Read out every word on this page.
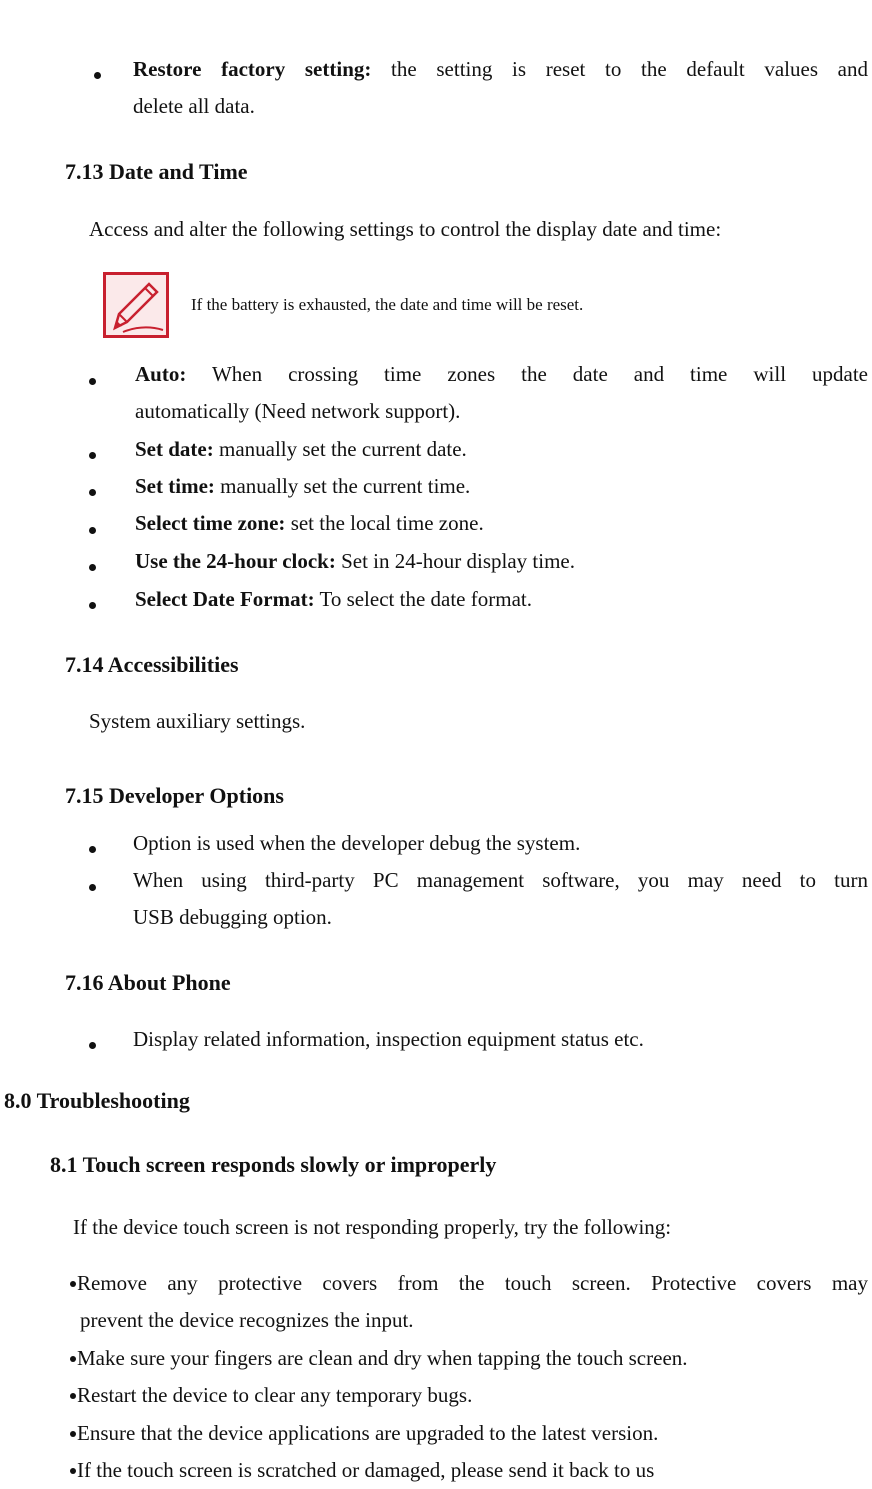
Restore factory setting: the setting is reset to the default values and
delete all data.
7.13 Date and Time
Access and alter the following settings to control the display date and time:
If the battery is exhausted, the date and time will be reset.
Auto: When crossing time zones the date and time will update
automatically (Need network support).
Set date: manually set the current date.
Set time: manually set the current time.
Select time zone: set the local time zone.
Use the 24-hour clock: Set in 24-hour display time.
Select Date Format: To select the date format.
7.14 Accessibilities
System auxiliary settings.
7.15 Developer Options
Option is used when the developer debug the system.
When using third-party PC management software, you may need to turn
USB debugging option.
7.16 About Phone
Display related information, inspection equipment status etc.
8.0 Troubleshooting
8.1 Touch screen responds slowly or improperly
If the device touch screen is not responding properly, try the following:
Remove any protective covers from the touch screen. Protective covers may
prevent the device recognizes the input.
Make sure your fingers are clean and dry when tapping the touch screen.
Restart the device to clear any temporary bugs.
Ensure that the device applications are upgraded to the latest version.
If the touch screen is scratched or damaged, please send it back to us
